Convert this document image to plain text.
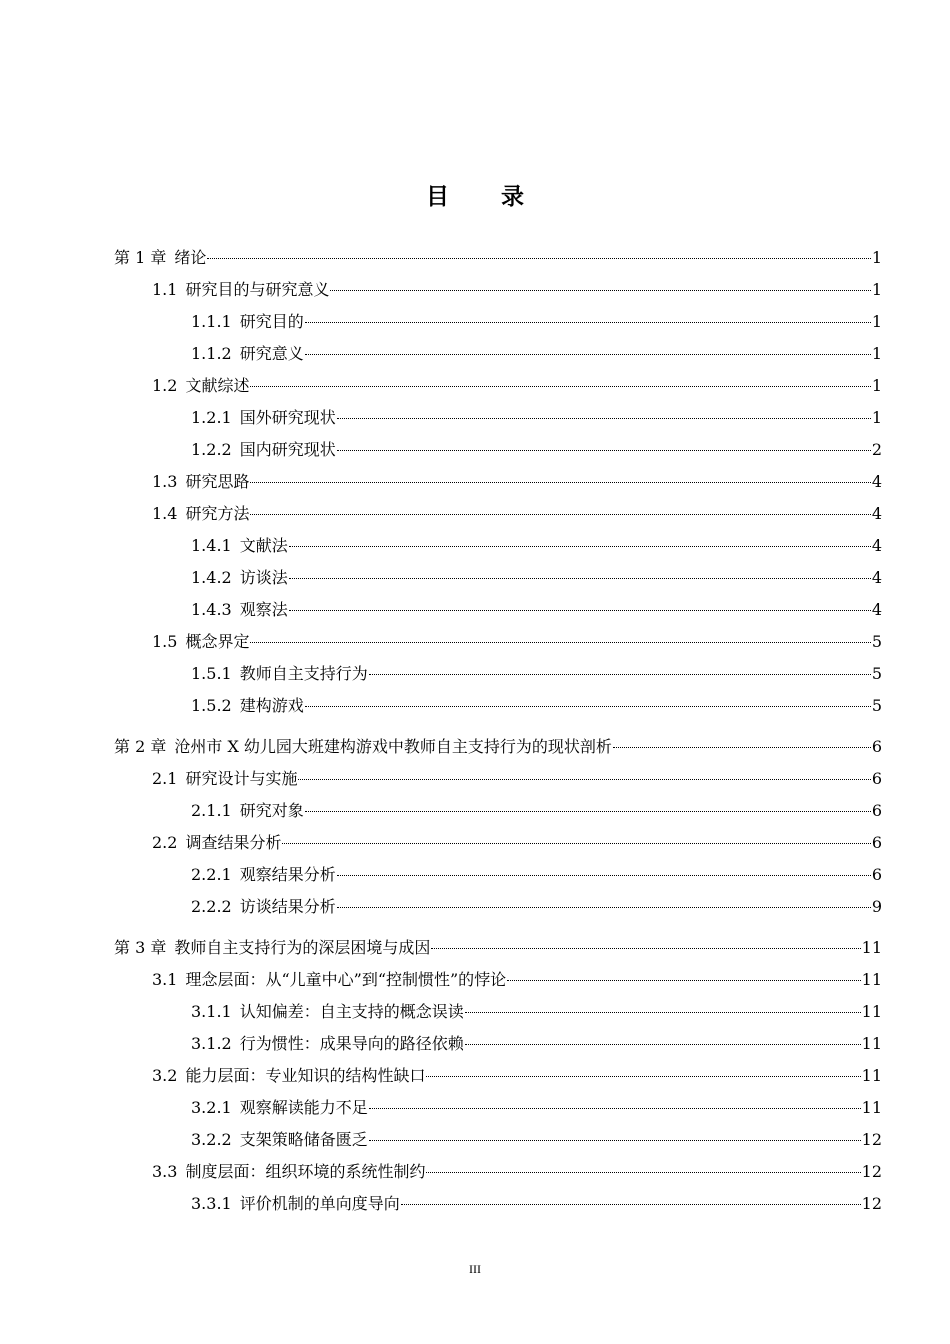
目 录
第 1 章 绪论	1
1.1 研究目的与研究意义	1
1.1.1 研究目的	1
1.1.2 研究意义	1
1.2 文献综述	1
1.2.1 国外研究现状	1
1.2.2 国内研究现状	2
1.3 研究思路	4
1.4 研究方法	4
1.4.1 文献法	4
1.4.2 访谈法	4
1.4.3 观察法	4
1.5 概念界定	5
1.5.1 教师自主支持行为	5
1.5.2 建构游戏	5
第 2 章 沧州市 X 幼儿园大班建构游戏中教师自主支持行为的现状剖析	6
2.1 研究设计与实施	6
2.1.1 研究对象	6
2.2 调查结果分析	6
2.2.1 观察结果分析	6
2.2.2 访谈结果分析	9
第 3 章 教师自主支持行为的深层困境与成因	11
3.1 理念层面：从“儿童中心”到“控制惯性”的悖论	11
3.1.1 认知偏差：自主支持的概念误读	11
3.1.2 行为惯性：成果导向的路径依赖	11
3.2 能力层面：专业知识的结构性缺口	11
3.2.1 观察解读能力不足	11
3.2.2 支架策略储备匮乏	12
3.3 制度层面：组织环境的系统性制约	12
3.3.1 评价机制的单向度导向	12
III
